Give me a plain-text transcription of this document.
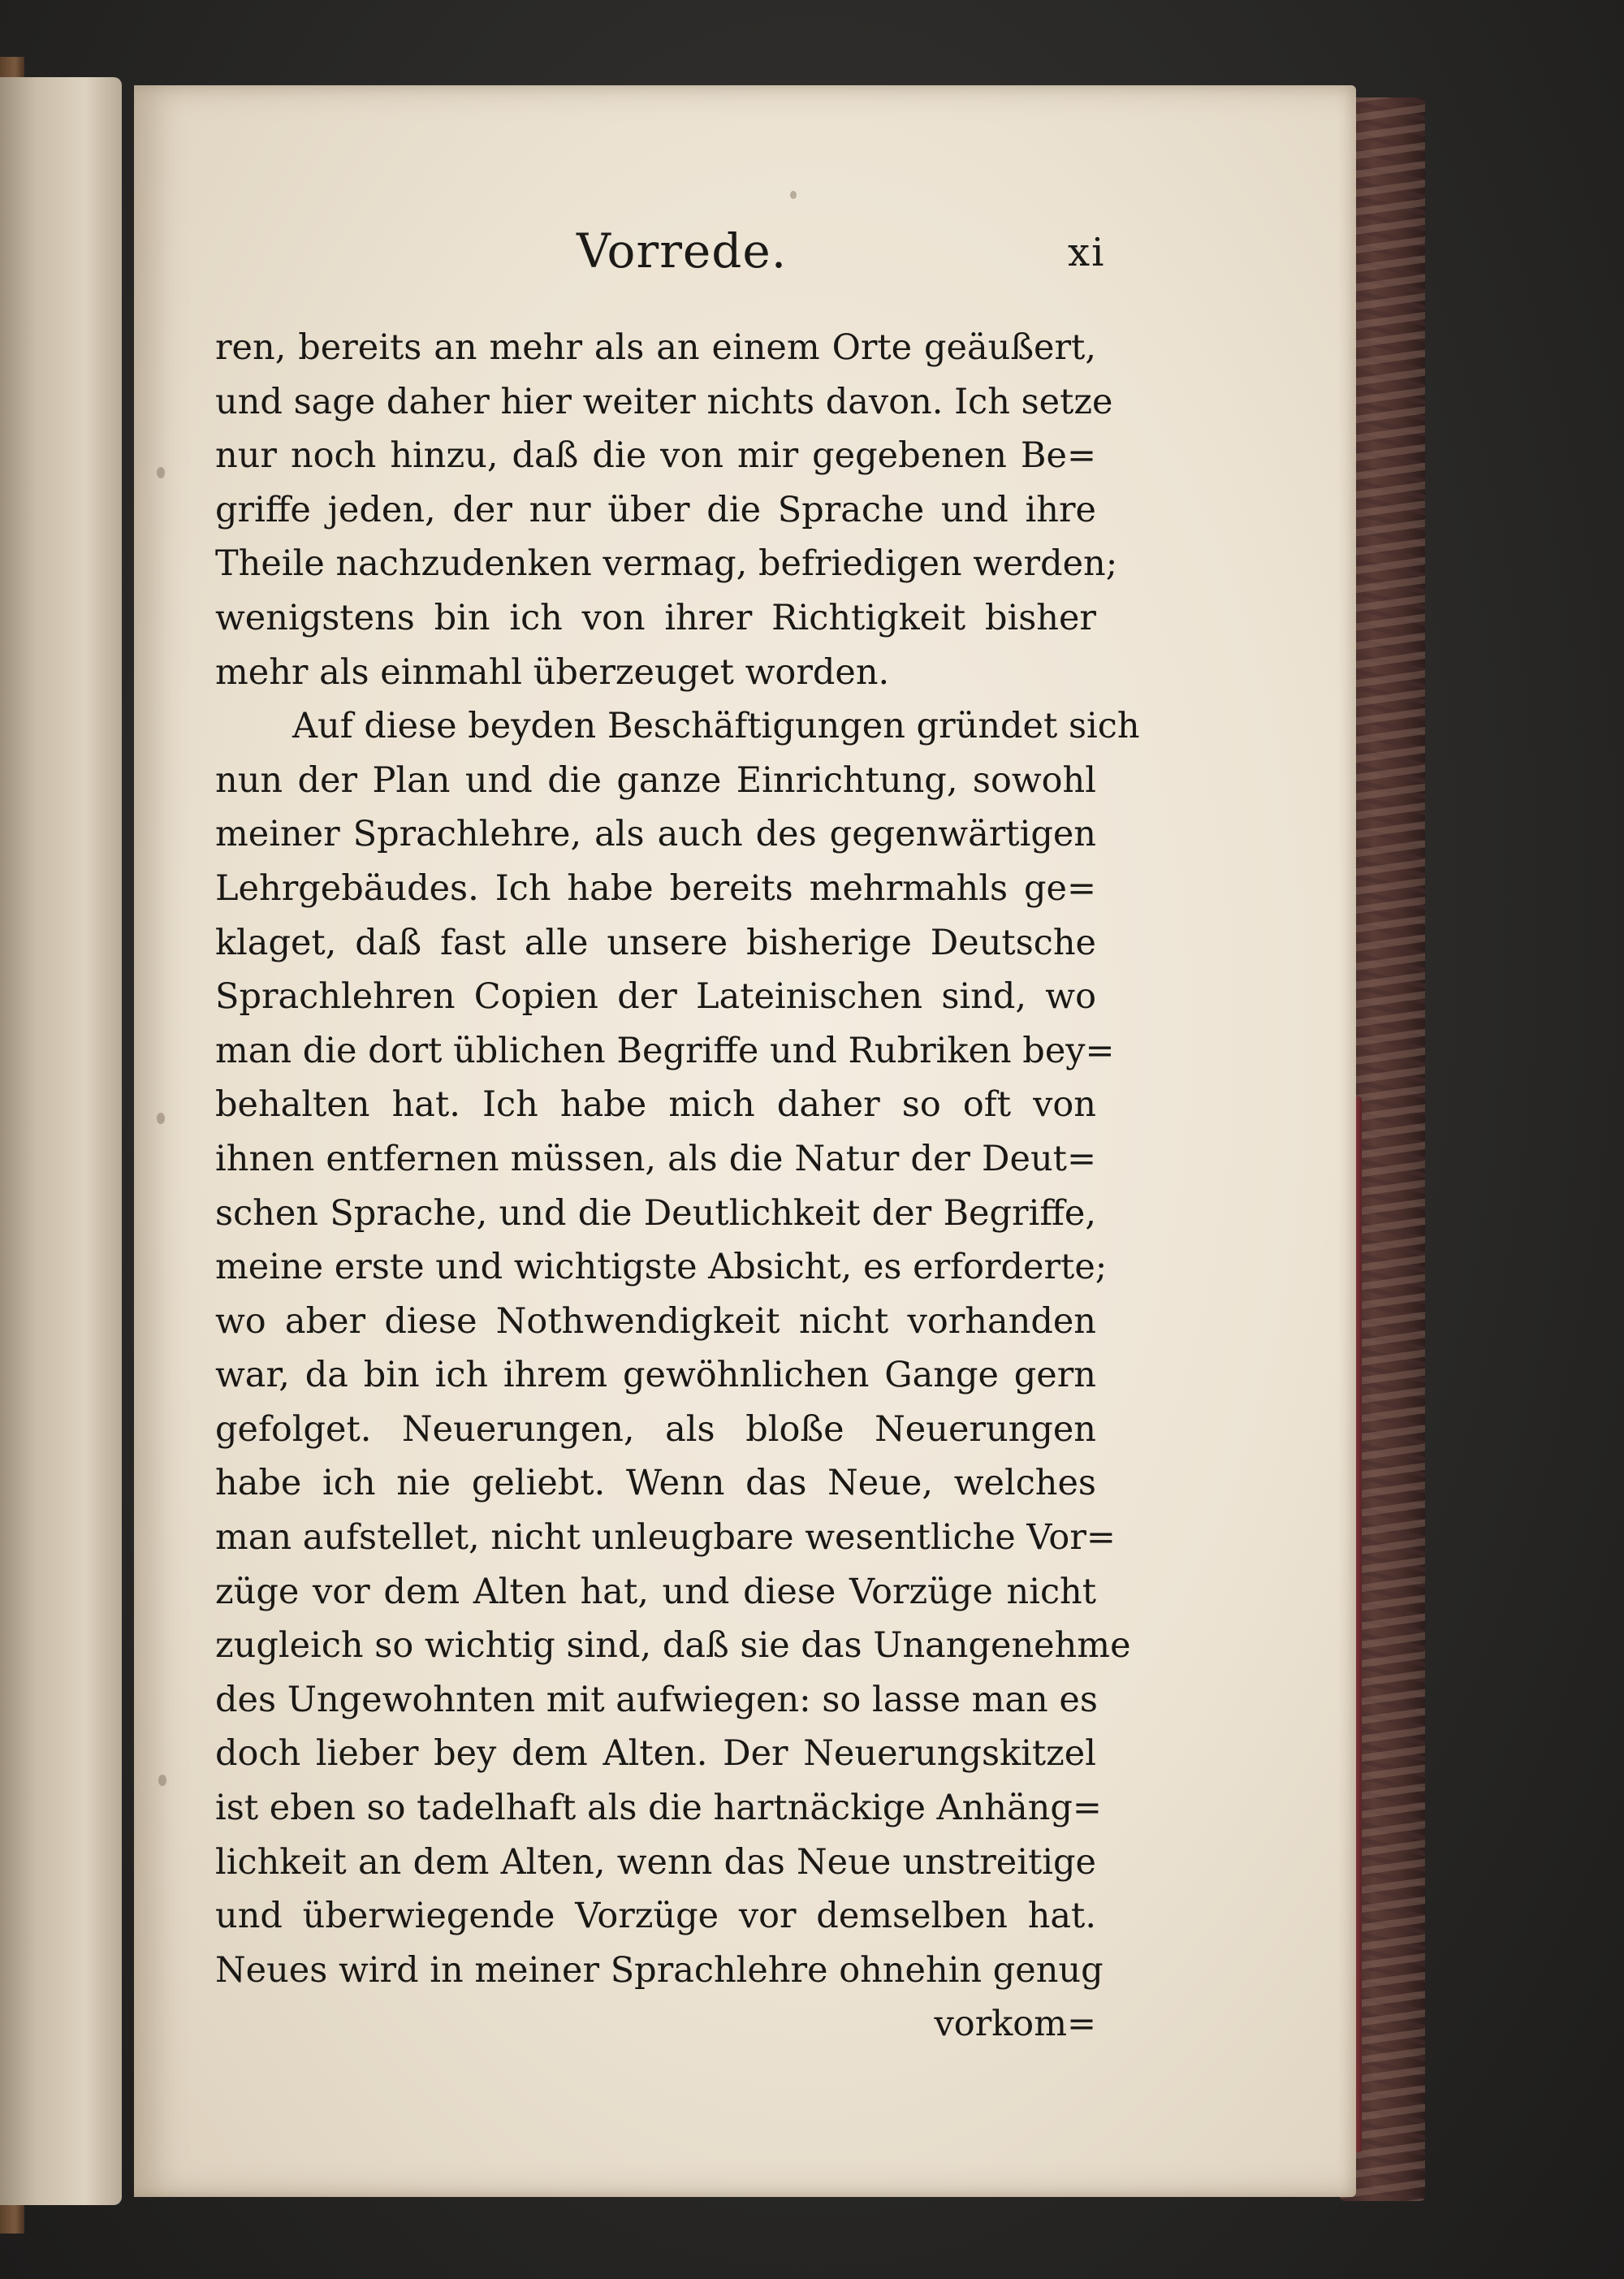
Vorrede.	xi
ren, bereits an mehr als an einem Orte geäußert,
und sage daher hier weiter nichts davon. Ich setze
nur noch hinzu, daß die von mir gegebenen Be=
griffe jeden, der nur über die Sprache und ihre
Theile nachzudenken vermag, befriedigen werden;
wenigstens bin ich von ihrer Richtigkeit bisher
mehr als einmahl überzeuget worden.
Auf diese beyden Beschäftigungen gründet sich
nun der Plan und die ganze Einrichtung, sowohl
meiner Sprachlehre, als auch des gegenwärtigen
Lehrgebäudes. Ich habe bereits mehrmahls ge=
klaget, daß fast alle unsere bisherige Deutsche
Sprachlehren Copien der Lateinischen sind, wo
man die dort üblichen Begriffe und Rubriken bey=
behalten hat. Ich habe mich daher so oft von
ihnen entfernen müssen, als die Natur der Deut=
schen Sprache, und die Deutlichkeit der Begriffe,
meine erste und wichtigste Absicht, es erforderte;
wo aber diese Nothwendigkeit nicht vorhanden
war, da bin ich ihrem gewöhnlichen Gange gern
gefolget. Neuerungen, als bloße Neuerungen
habe ich nie geliebt. Wenn das Neue, welches
man aufstellet, nicht unleugbare wesentliche Vor=
züge vor dem Alten hat, und diese Vorzüge nicht
zugleich so wichtig sind, daß sie das Unangenehme
des Ungewohnten mit aufwiegen: so lasse man es
doch lieber bey dem Alten. Der Neuerungskitzel
ist eben so tadelhaft als die hartnäckige Anhäng=
lichkeit an dem Alten, wenn das Neue unstreitige
und überwiegende Vorzüge vor demselben hat.
Neues wird in meiner Sprachlehre ohnehin genug
vorkom=
